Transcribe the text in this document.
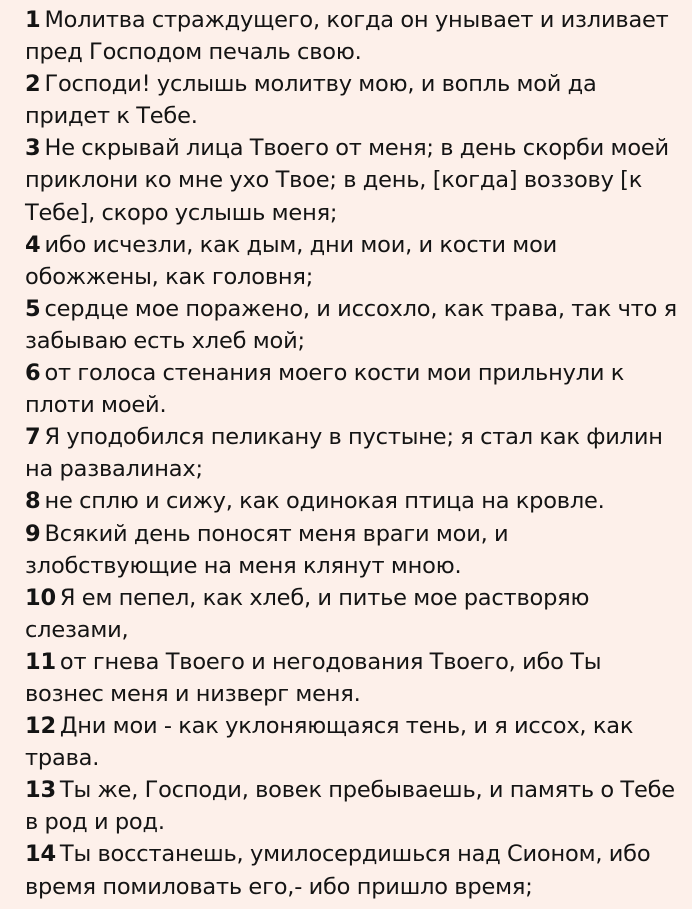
1 Молитва страждущего, когда он унывает и изливает пред Господом печаль свою.

2 Господи! услышь молитву мою, и вопль мой да придет к Тебе.

3 Не скрывай лица Твоего от меня; в день скорби моей приклони ко мне ухо Твое; в день, [когда] воззову [к Тебе], скоро услышь меня;

4 ибо исчезли, как дым, дни мои, и кости мои обожжены, как головня;

5 сердце мое поражено, и иссохло, как трава, так что я забываю есть хлеб мой;

6 от голоса стенания моего кости мои прильнули к плоти моей.

7 Я уподобился пеликану в пустыне; я стал как филин на развалинах;

8 не сплю и сижу, как одинокая птица на кровле.

9 Всякий день поносят меня враги мои, и злобствующие на меня клянут мною.

10 Я ем пепел, как хлеб, и питье мое растворяю слезами,

11 от гнева Твоего и негодования Твоего, ибо Ты вознес меня и низверг меня.

12 Дни мои - как уклоняющаяся тень, и я иссох, как трава.

13 Ты же, Господи, вовек пребываешь, и память о Тебе в род и род.

14 Ты восстанешь, умилосердишься над Сионом, ибо время помиловать его,- ибо пришло время;
